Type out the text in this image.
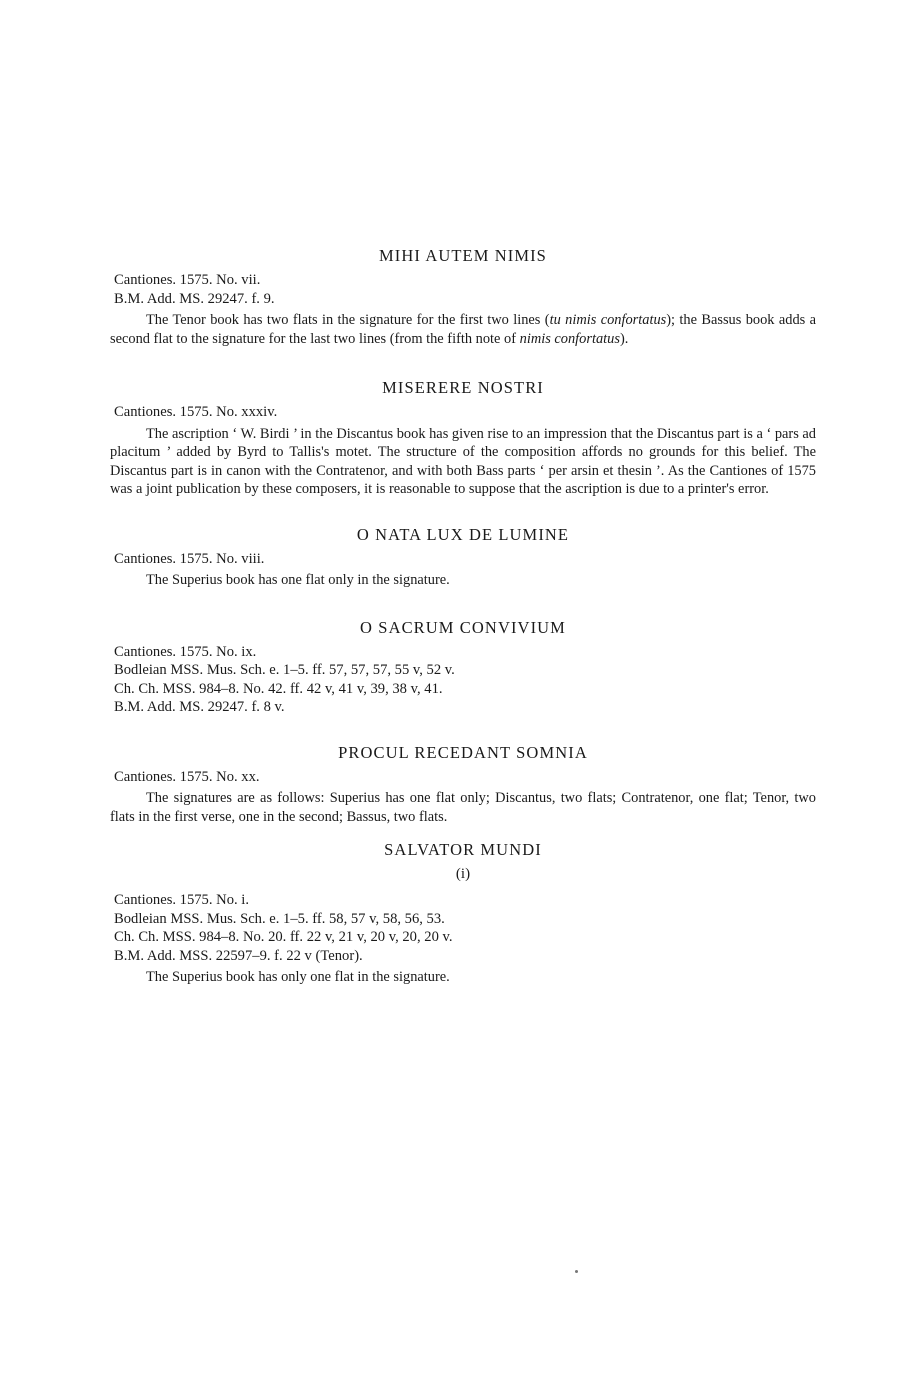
MIHI AUTEM NIMIS
Cantiones. 1575. No. vii.
B.M. Add. MS. 29247. f. 9.

The Tenor book has two flats in the signature for the first two lines (tu nimis confortatus); the Bassus book adds a second flat to the signature for the last two lines (from the fifth note of nimis confortatus).

MISERERE NOSTRI
Cantiones. 1575. No. xxxiv.

The ascription ‘ W. Birdi ’ in the Discantus book has given rise to an impression that the Discantus part is a ‘ pars ad placitum ’ added by Byrd to Tallis's motet. The structure of the composition affords no grounds for this belief. The Discantus part is in canon with the Contratenor, and with both Bass parts ‘ per arsin et thesin ’. As the Cantiones of 1575 was a joint publication by these composers, it is reasonable to suppose that the ascription is due to a printer's error.

O NATA LUX DE LUMINE
Cantiones. 1575. No. viii.

The Superius book has one flat only in the signature.

O SACRUM CONVIVIUM
Cantiones. 1575. No. ix.
Bodleian MSS. Mus. Sch. e. 1–5. ff. 57, 57, 57, 55 v, 52 v.
Ch. Ch. MSS. 984–8. No. 42. ff. 42 v, 41 v, 39, 38 v, 41.
B.M. Add. MS. 29247. f. 8 v.
PROCUL RECEDANT SOMNIA
Cantiones. 1575. No. xx.

The signatures are as follows: Superius has one flat only; Discantus, two flats; Contratenor, one flat; Tenor, two flats in the first verse, one in the second; Bassus, two flats.

SALVATOR MUNDI
(i)
Cantiones. 1575. No. i.
Bodleian MSS. Mus. Sch. e. 1–5. ff. 58, 57 v, 58, 56, 53.
Ch. Ch. MSS. 984–8. No. 20. ff. 22 v, 21 v, 20 v, 20, 20 v.
B.M. Add. MSS. 22597–9. f. 22 v (Tenor).

The Superius book has only one flat in the signature.
